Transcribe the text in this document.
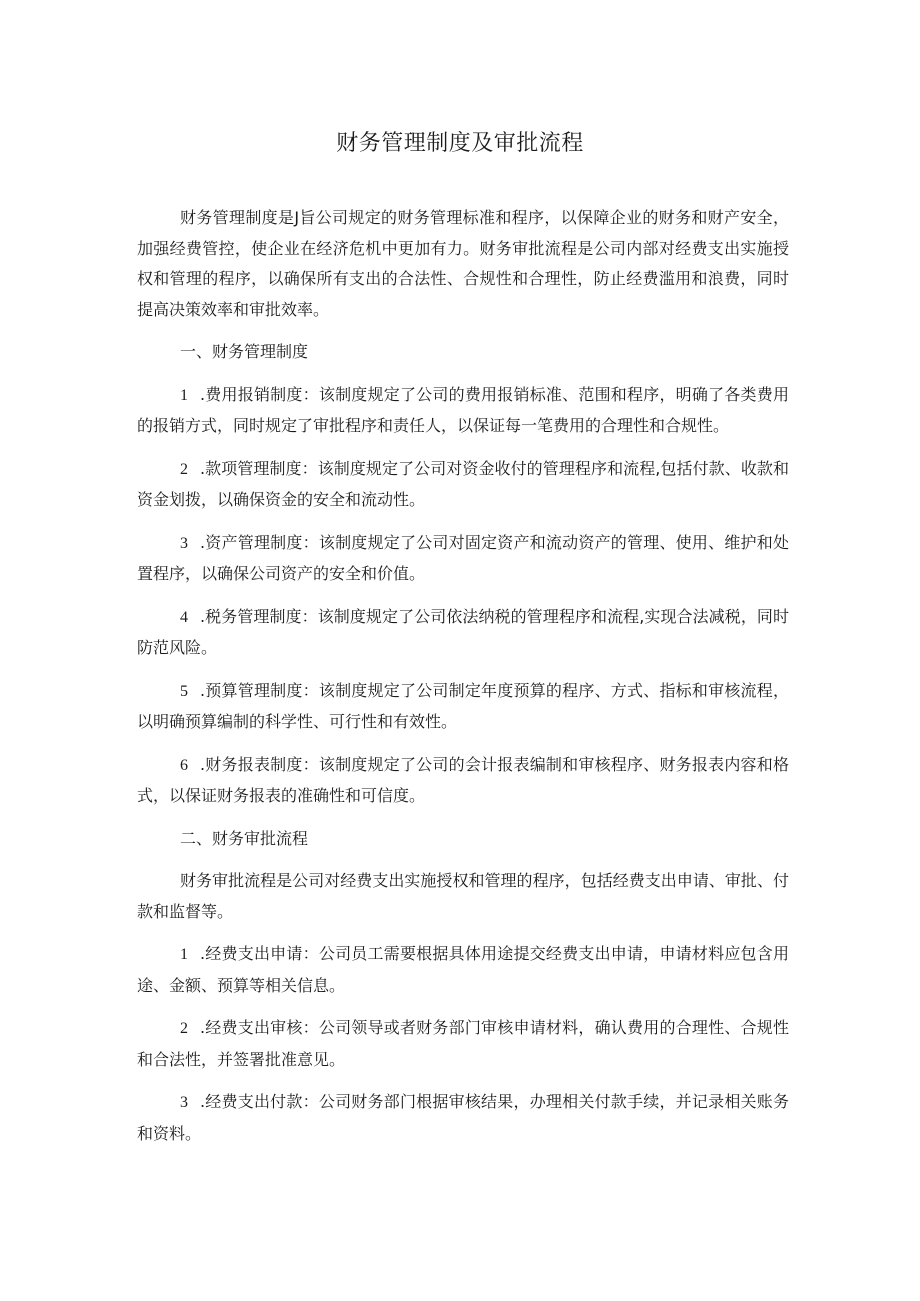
财务管理制度及审批流程

财务管理制度是J旨公司规定的财务管理标准和程序，以保障企业的财务和财产安全，加强经费管控，使企业在经济危机中更加有力。财务审批流程是公司内部对经费支出实施授权和管理的程序，以确保所有支出的合法性、合规性和合理性，防止经费滥用和浪费，同时提高决策效率和审批效率。

一、财务管理制度

1 .费用报销制度：该制度规定了公司的费用报销标准、范围和程序，明确了各类费用的报销方式，同时规定了审批程序和责任人，以保证每一笔费用的合理性和合规性。

2 .款项管理制度：该制度规定了公司对资金收付的管理程序和流程,包括付款、收款和资金划拨，以确保资金的安全和流动性。

3 .资产管理制度：该制度规定了公司对固定资产和流动资产的管理、使用、维护和处置程序，以确保公司资产的安全和价值。

4 .税务管理制度：该制度规定了公司依法纳税的管理程序和流程,实现合法减税，同时防范风险。

5 .预算管理制度：该制度规定了公司制定年度预算的程序、方式、指标和审核流程，以明确预算编制的科学性、可行性和有效性。

6 .财务报表制度：该制度规定了公司的会计报表编制和审核程序、财务报表内容和格式，以保证财务报表的准确性和可信度。

二、财务审批流程

财务审批流程是公司对经费支出实施授权和管理的程序，包括经费支出申请、审批、付款和监督等。

1 .经费支出申请：公司员工需要根据具体用途提交经费支出申请，申请材料应包含用途、金额、预算等相关信息。

2 .经费支出审核：公司领导或者财务部门审核申请材料，确认费用的合理性、合规性和合法性，并签署批准意见。

3 .经费支出付款：公司财务部门根据审核结果，办理相关付款手续，并记录相关账务和资料。
